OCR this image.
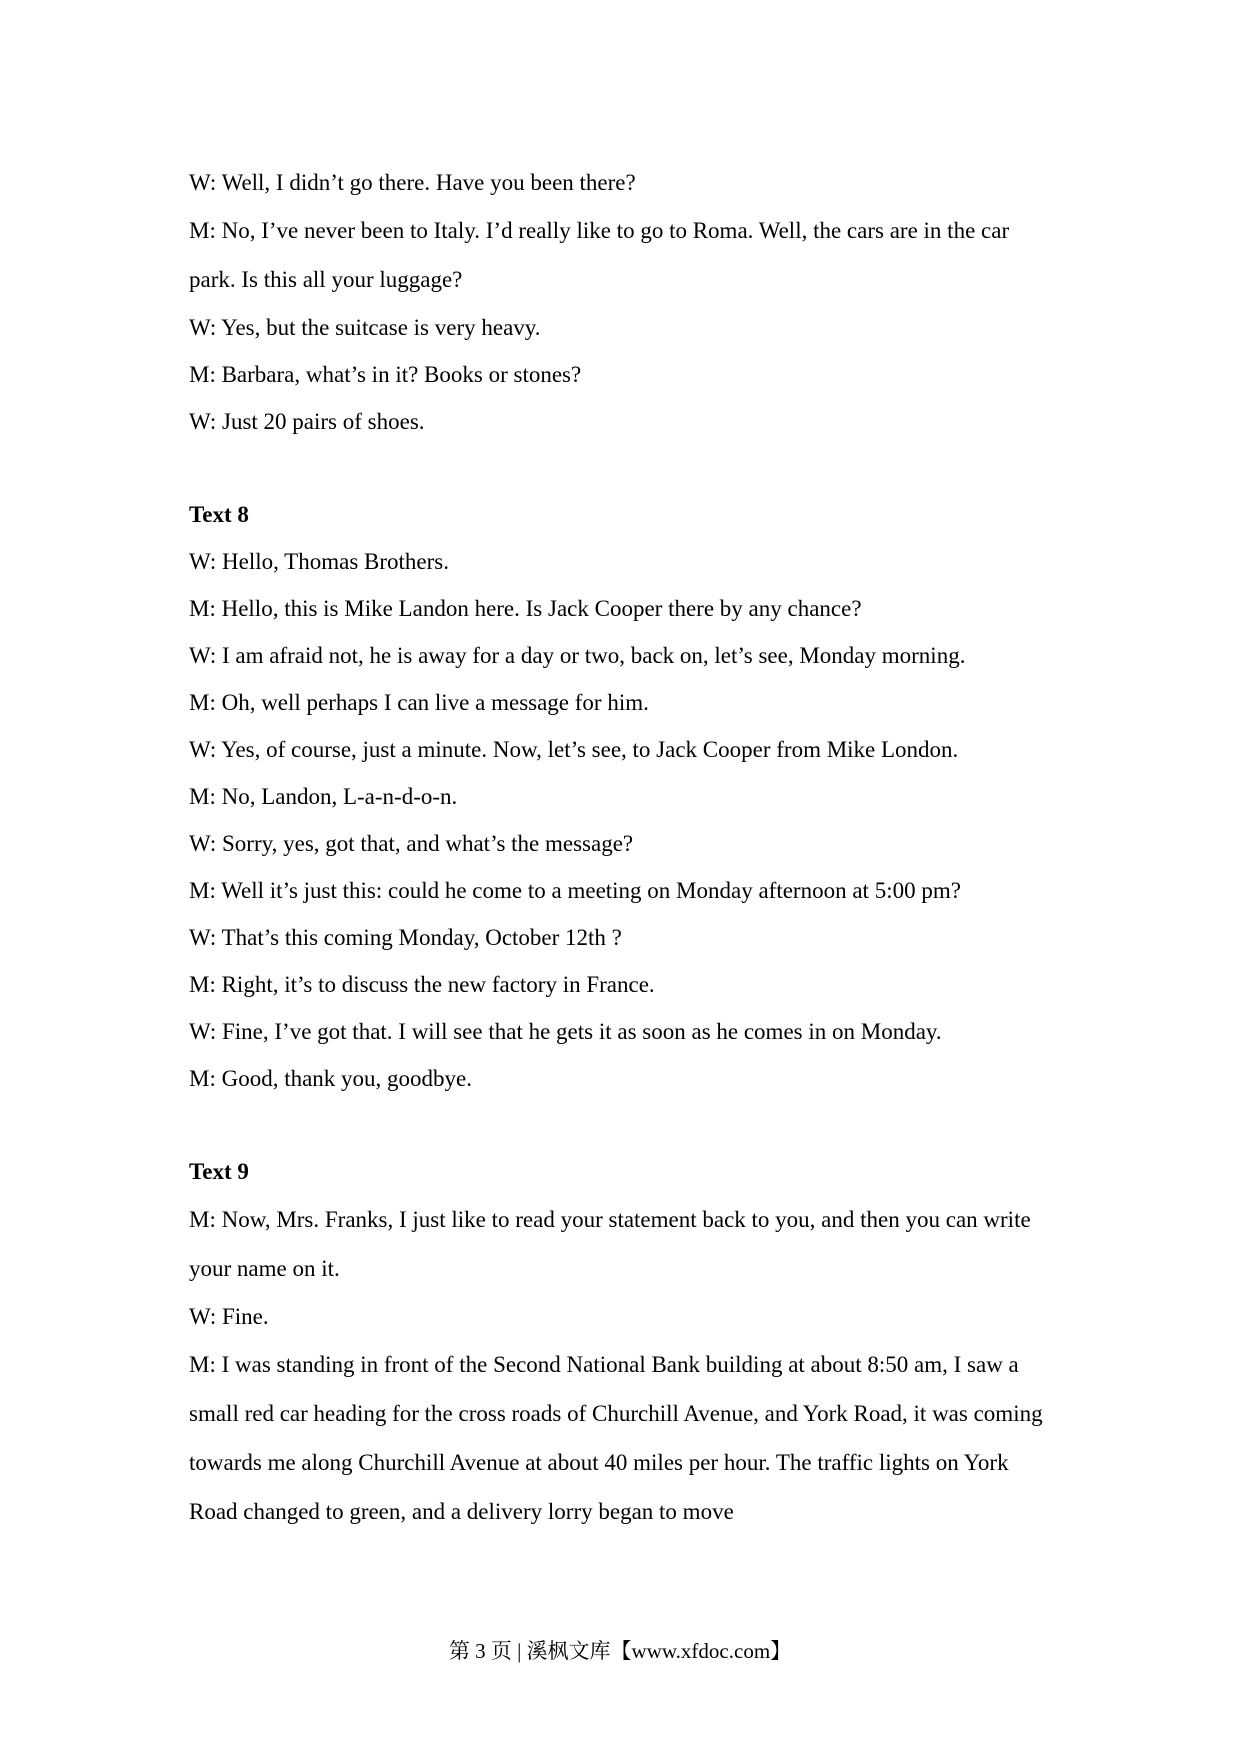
W: Well, I didn’t go there. Have you been there?
M: No, I’ve never been to Italy. I’d really like to go to Roma. Well, the cars are in the car park. Is this all your luggage?
W: Yes, but the suitcase is very heavy.
M: Barbara, what’s in it? Books or stones?
W: Just 20 pairs of shoes.
Text 8
W: Hello, Thomas Brothers.
M: Hello, this is Mike Landon here. Is Jack Cooper there by any chance?
W: I am afraid not, he is away for a day or two, back on, let’s see, Monday morning.
M: Oh, well perhaps I can live a message for him.
W: Yes, of course, just a minute. Now, let’s see, to Jack Cooper from Mike London.
M: No, Landon, L-a-n-d-o-n.
W: Sorry, yes, got that, and what’s the message?
M: Well it’s just this: could he come to a meeting on Monday afternoon at 5:00 pm?
W: That’s this coming Monday, October 12th ?
M: Right, it’s to discuss the new factory in France.
W: Fine, I’ve got that. I will see that he gets it as soon as he comes in on Monday.
M: Good, thank you, goodbye.
Text 9
M: Now, Mrs. Franks, I just like to read your statement back to you, and then you can write your name on it.
W: Fine.
M: I was standing in front of the Second National Bank building at about 8:50 am, I saw a small red car heading for the cross roads of Churchill Avenue, and York Road, it was coming towards me along Churchill Avenue at about 40 miles per hour. The traffic lights on York Road changed to green, and a delivery lorry began to move
第 3 页 | 溪枫文库【www.xfdoc.com】
